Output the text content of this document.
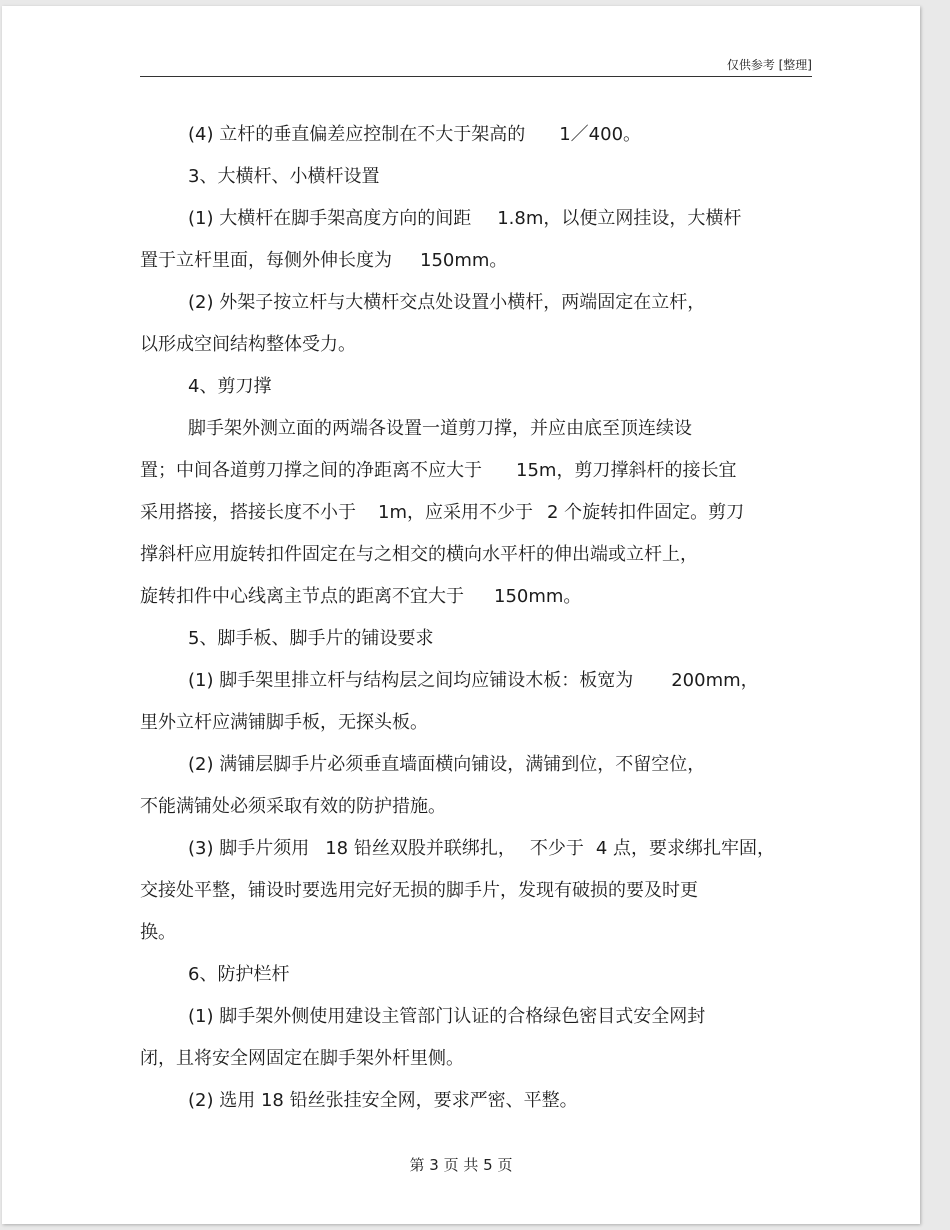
仅供参考 [整理]
(4) 立杆的垂直偏差应控制在不大于架高的 1／400。
3、大横杆、小横杆设置
(1) 大横杆在脚手架高度方向的间距 1.8m，以便立网挂设，大横杆
置于立杆里面，每侧外伸长度为 150mm。
(2) 外架子按立杆与大横杆交点处设置小横杆，两端固定在立杆，
以形成空间结构整体受力。
4、剪刀撑
脚手架外测立面的两端各设置一道剪刀撑，并应由底至顶连续设
置；中间各道剪刀撑之间的净距离不应大于 15m，剪刀撑斜杆的接长宜
采用搭接，搭接长度不小于 1m，应采用不少于 2 个旋转扣件固定。剪刀
撑斜杆应用旋转扣件固定在与之相交的横向水平杆的伸出端或立杆上，
旋转扣件中心线离主节点的距离不宜大于 150mm。
5、脚手板、脚手片的铺设要求
(1) 脚手架里排立杆与结构层之间均应铺设木板：板宽为 200mm，
里外立杆应满铺脚手板，无探头板。
(2) 满铺层脚手片必须垂直墙面横向铺设，满铺到位，不留空位，
不能满铺处必须采取有效的防护措施。
(3) 脚手片须用 18 铅丝双股并联绑扎， 不少于 4 点，要求绑扎牢固，
交接处平整，铺设时要选用完好无损的脚手片，发现有破损的要及时更
换。
6、防护栏杆
(1) 脚手架外侧使用建设主管部门认证的合格绿色密目式安全网封
闭，且将安全网固定在脚手架外杆里侧。
(2) 选用 18 铅丝张挂安全网，要求严密、平整。
第 3 页 共 5 页
